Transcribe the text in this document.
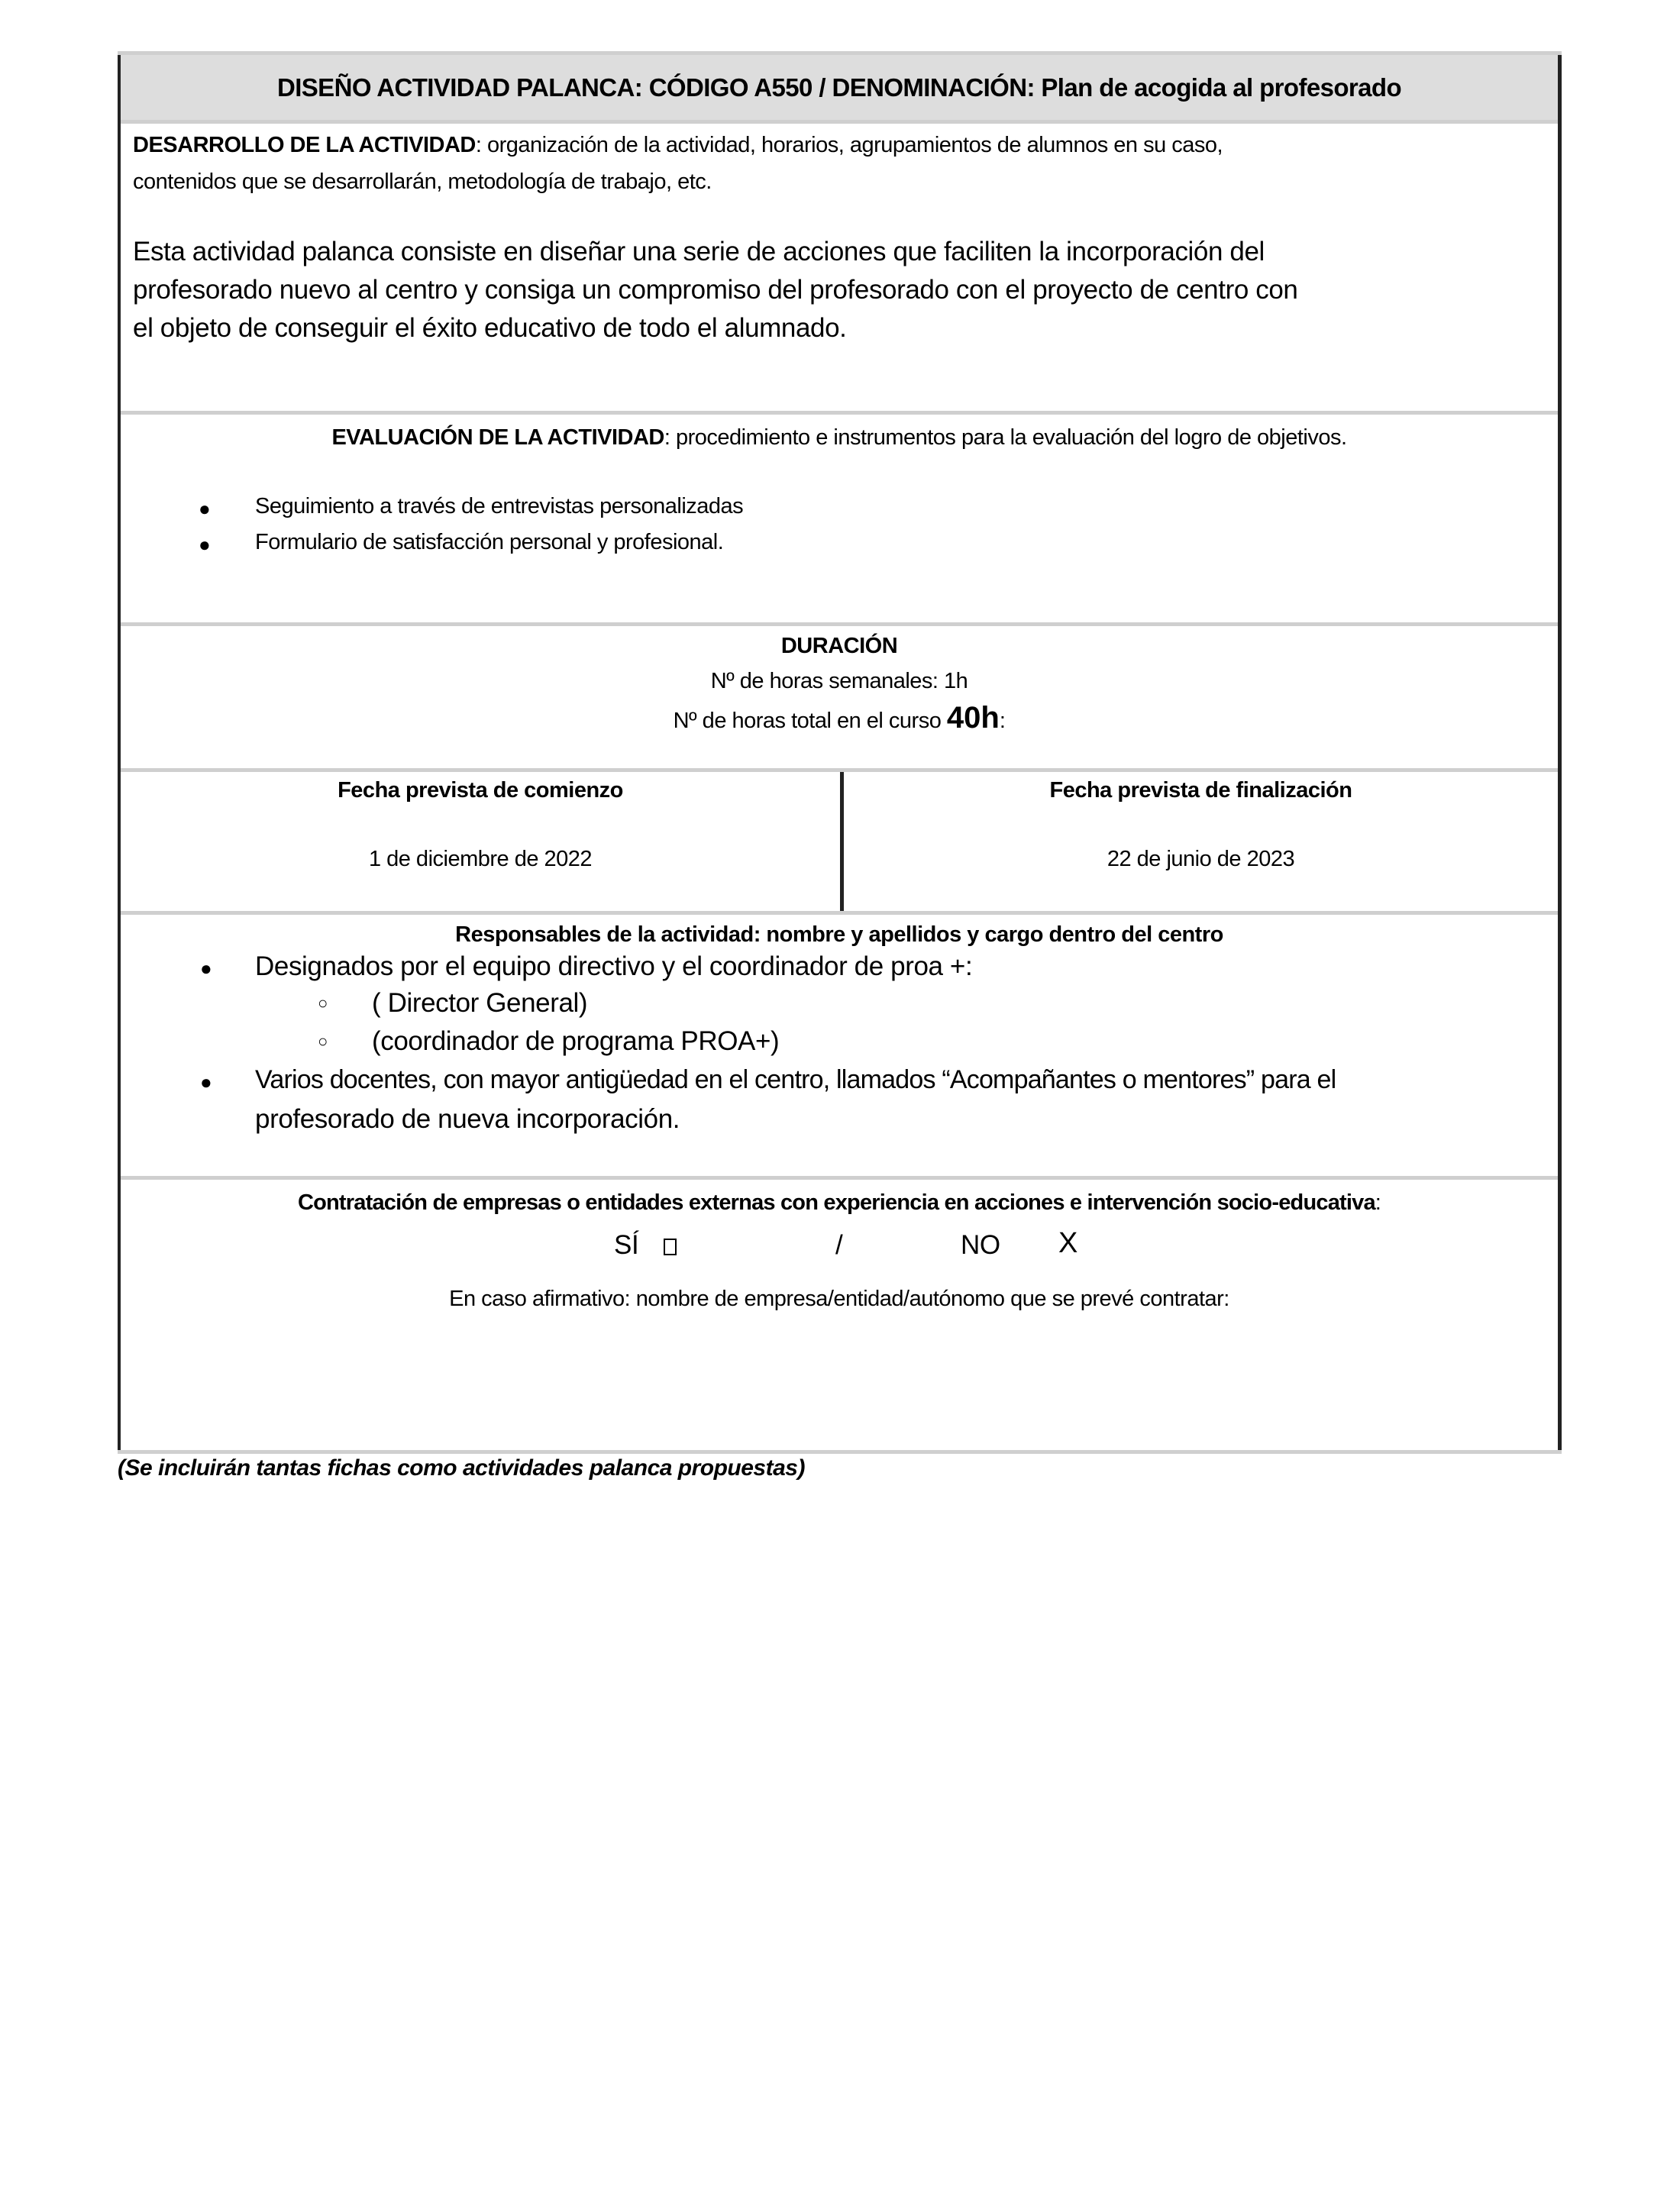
DISEÑO ACTIVIDAD PALANCA: CÓDIGO A550 / DENOMINACIÓN: Plan de acogida al profesorado
DESARROLLO DE LA ACTIVIDAD: organización de la actividad, horarios, agrupamientos de alumnos en su caso,
contenidos que se desarrollarán, metodología de trabajo, etc.
Esta actividad palanca consiste en diseñar una serie de acciones que faciliten la incorporación del
profesorado nuevo al centro y consiga un compromiso del profesorado con el proyecto de centro con
el objeto de conseguir el éxito educativo de todo el alumnado.
EVALUACIÓN DE LA ACTIVIDAD: procedimiento e instrumentos para la evaluación del logro de objetivos.
● Seguimiento a través de entrevistas personalizadas
● Formulario de satisfacción personal y profesional.
DURACIÓN
Nº de horas semanales: 1h
Nº de horas total en el curso 40h:
Fecha prevista de comienzo
1 de diciembre de 2022
Fecha prevista de finalización
22 de junio de 2023
Responsables de la actividad: nombre y apellidos y cargo dentro del centro
● Designados por el equipo directivo y el coordinador de proa +:
○ ( Director General)
○ (coordinador de programa PROA+)
● Varios docentes, con mayor antigüedad en el centro, llamados “Acompañantes o mentores” para el
profesorado de nueva incorporación.
Contratación de empresas o entidades externas con experiencia en acciones e intervención socio-educativa:
SÍ	/	NO X
En caso afirmativo: nombre de empresa/entidad/autónomo que se prevé contratar:
(Se incluirán tantas fichas como actividades palanca propuestas)
